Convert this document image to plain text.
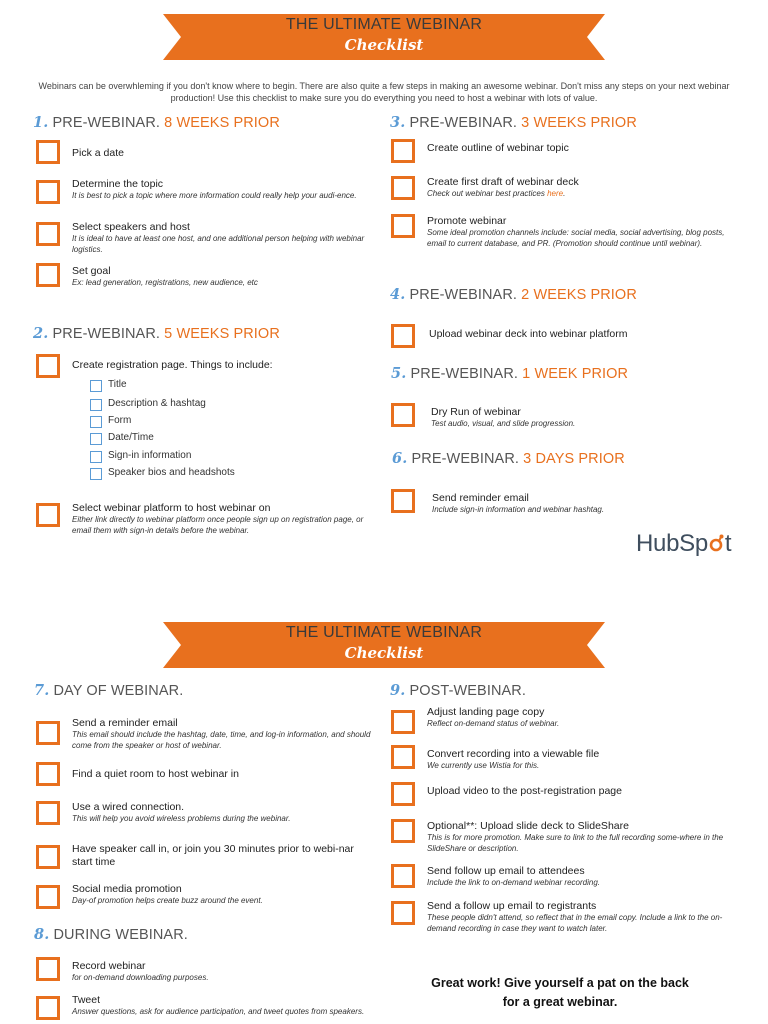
THE ULTIMATE WEBINAR
Checklist
Webinars can be overwhleming if you don't know where to begin. There are also quite a few steps in making an awesome webinar. Don't miss any steps on your next webinar production! Use this checklist to make sure you do everything you need to host a webinar with lots of value.
1. PRE-WEBINAR. 8 WEEKS PRIOR
Pick a date
Determine the topic
It is best to pick a topic where more information could really help your audi-ence.
Select speakers and host
It is ideal to have at least one host, and one additional person helping with webinar logistics.
Set goal
Ex: lead generation, registrations, new audience, etc
2. PRE-WEBINAR. 5 WEEKS PRIOR
Create registration page. Things to include:
Title
Description & hashtag
Form
Date/Time
Sign-in information
Speaker bios and headshots
Select webinar platform to host webinar on
Either link directly to webinar platform once people sign up on registration page, or email them with sign-in details before the webinar.
3. PRE-WEBINAR. 3 WEEKS PRIOR
Create outline of webinar topic
Create first draft of webinar deck
Check out webinar best practices here.
Promote webinar
Some ideal promotion channels include: social media, social advertising, blog posts, email to current database, and PR. (Promotion should continue until webinar).
4. PRE-WEBINAR. 2 WEEKS PRIOR
Upload webinar deck into webinar platform
5. PRE-WEBINAR. 1 WEEK PRIOR
Dry Run of webinar
Test audio, visual, and slide progression.
6. PRE-WEBINAR. 3 DAYS PRIOR
Send reminder email
Include sign-in information and webinar hashtag.
HubSp t
THE ULTIMATE WEBINAR
Checklist
7. DAY OF WEBINAR.
Send a reminder email
This email should include the hashtag, date, time, and log-in information, and should come from the speaker or host of webinar.
Find a quiet room to host webinar in
Use a wired connection.
This will help you avoid wireless problems during the webinar.
Have speaker call in, or join you 30 minutes prior to webi-nar start time
Social media promotion
Day-of promotion helps create buzz around the event.
8. DURING WEBINAR.
Record webinar
for on-demand downloading purposes.
Tweet
Answer questions, ask for audience participation, and tweet quotes from speakers.
9. POST-WEBINAR.
Adjust landing page copy
Reflect on-demand status of webinar.
Convert recording into a viewable file
We currently use Wistia for this.
Upload video to the post-registration page
Optional**: Upload slide deck to SlideShare
This is for more promotion. Make sure to link to the full recording some-where in the SlideShare or description.
Send follow up email to attendees
Include the link to on-demand webinar recording.
Send a follow up email to registrants
These people didn't attend, so reflect that in the email copy. Include a link to the on-demand recording in case they want to watch later.
Great work! Give yourself a pat on the back
for a great webinar.
